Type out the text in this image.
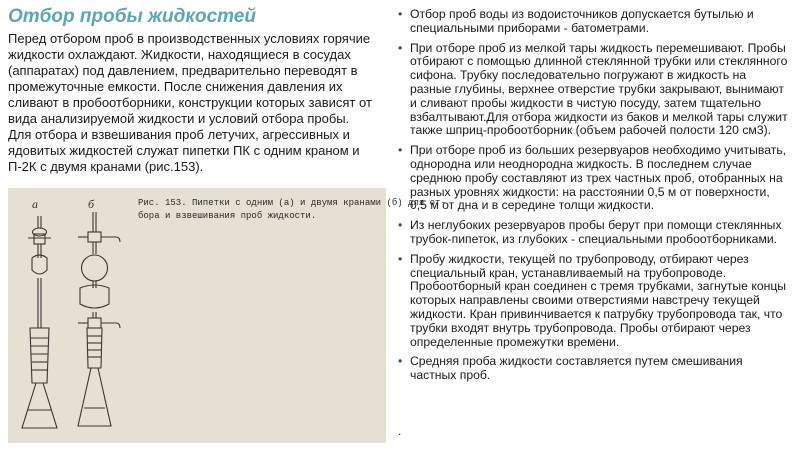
Отбор пробы жидкостей

Перед отбором проб в производственных условиях горячие жидкости охлаждают. Жидкости, находящиеся в сосудах (аппаратах) под давлением, предварительно переводят в промежуточные емкости. После снижения давления их сливают в пробоотборники, конструкции которых зависят от вида анализируемой жидкости и условий отбора пробы.

Для отбора и взвешивания проб летучих, агрессивных и ядовитых жидкостей служат пипетки ПК с одним краном и П-2К с двумя кранами (рис.153).

Рис. 153. Пипетки с одним (а) и двумя кранами (б) для от-
бора и взвешивания проб жидкости.
а	б
• Отбор проб воды из водоисточников допускается бутылью и специальными приборами - батометрами.
• При отборе проб из мелкой тары жидкость перемешивают. Пробы отбирают с помощью длинной стеклянной трубки или стеклянного сифона. Трубку последовательно погружают в жидкость на разные глубины, верхнее отверстие трубки закрывают, вынимают и сливают пробы жидкости в чистую посуду, затем тщательно взбалтывают.Для отбора жидкости из баков и мелкой тары служит также шприц-пробоотборник (объем рабочей полости 120 см3).
• При отборе проб из больших резервуаров необходимо учитывать, однородна или неоднородна жидкость. В последнем случае среднюю пробу составляют из трех частных проб, отобранных на разных уровнях жидкости: на расстоянии 0,5 м от поверхности, 0,5 м от дна и в середине толщи жидкости.
• Из неглубоких резервуаров пробы берут при помощи стеклянных трубок-пипеток, из глубоких - специальными пробоотборниками.
• Пробу жидкости, текущей по трубопроводу, отбирают через специальный кран, устанавливаемый на трубопроводе. Пробоотборный кран соединен с тремя трубками, загнутые концы которых направлены своими отверстиями навстречу текущей жидкости. Кран привинчивается к патрубку трубопровода так, что трубки входят внутрь трубопровода. Пробы отбирают через определенные промежутки времени.
• Средняя проба жидкости составляется путем смешивания частных проб.
.
